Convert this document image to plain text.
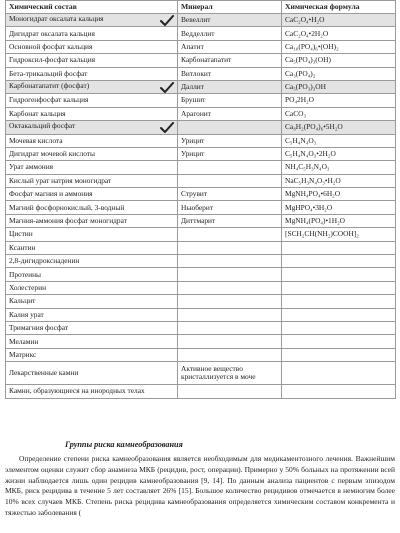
Химический состав	Минерал	Химическая формула
Моногидрат оксалата кальция	Вевеллит	CaC₂O₄•H₂O
Дигидрат оксалата кальция	Ведделлит	CaC₂O₄•2H₂O
Основной фосфат кальция	Апатит	Ca₁₀(PO₄)₆•(OH)₂
Гидроксил-фосфат кальция	Карбонатапатит	Ca₅(PO₄)₃(OH)
Бета-трикальций фосфат	Витлокит	Ca₃(PO₄)₂
Карбонатапатит (фосфат)	Даллит	Ca₅(PO₃)₃OH
Гидрогенфосфат кальция	Брушит	PO₄2H₂O
Карбонат кальция	Арагонит	CaCO₃
Октакальций фосфат		Ca₈H₂(PO₄)₆•5H₂O
Мочевая кислота	Урицит	C₅H₄N₄O₃
Дигидрат мочевой кислоты	Урицит	C₅H₄N₄O₃•2H₂O
Урат аммония		NH₄C₅H₃N₄O₃
Кислый урат натрия моногидрат		NaC₅H₃N₄O₃•H₂O
Фосфат магния и аммония	Струвит	MgNH₄PO₄•6H₂O
Магний фосфорнокислый, 3-водный	Ньюберит	MgHPO₄•3H₂O
Магния-аммония фосфат моногидрат	Диттмарит	MgNH₄(PO₄)•1H₂O
Цистин		[SCH₂CH(NH₂)COOH]₂
Ксантин		
2,8-дигидроксиаденин		
Протеины		
Холестерин		
Кальцит		
Калия урат		
Тримагния фосфат		
Меламин		
Матрикс		
Лекарственные камни	Активное вещество кристаллизуется в моче	
Камни, образующиеся на инородных телах		
Группы риска камнеобразования

Определение степени риска камнеобразования является необходимым для медикаментозного лечения. Важнейшим элементом оценки служит сбор анамнеза МКБ (рецидив, рост, операции). Примерно у 50% больных на протяжении всей жизни наблюдается лишь один рецидив камнеобразования [9, 14]. По данным анализа пациентов с первым эпизодом МКБ, риск рецидива в течение 5 лет составляет 26% [15]. Большое количество рецидивов отмечается в немногим более 10% всех случаев МКБ. Степень риска рецидива камнеобразования определяется химическим составом конкремента и тяжестью заболевания (
